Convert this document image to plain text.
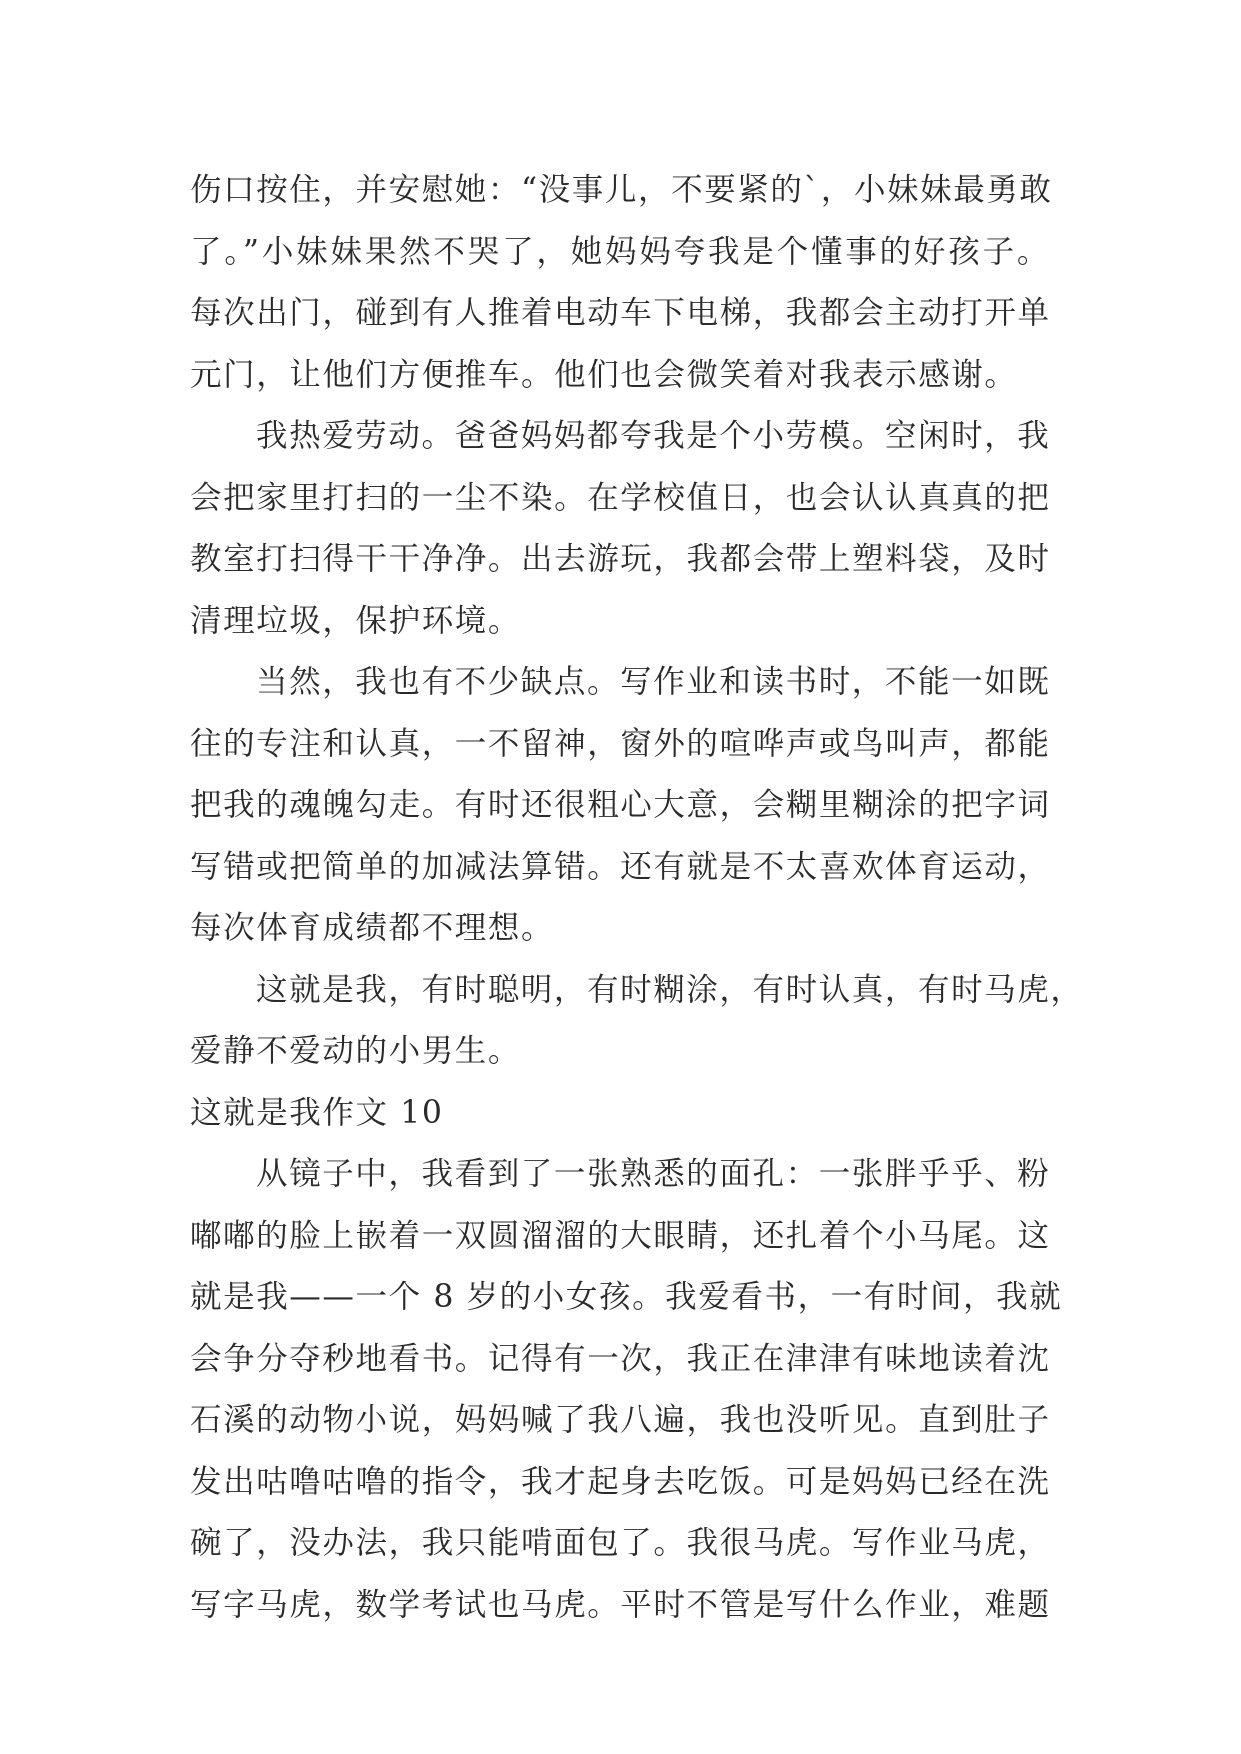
伤口按住，并安慰她：“没事儿，不要紧的`，小妹妹最勇敢
了。”小妹妹果然不哭了，她妈妈夸我是个懂事的好孩子。
每次出门，碰到有人推着电动车下电梯，我都会主动打开单
元门，让他们方便推车。他们也会微笑着对我表示感谢。
我热爱劳动。爸爸妈妈都夸我是个小劳模。空闲时，我
会把家里打扫的一尘不染。在学校值日，也会认认真真的把
教室打扫得干干净净。出去游玩，我都会带上塑料袋，及时
清理垃圾，保护环境。
当然，我也有不少缺点。写作业和读书时，不能一如既
往的专注和认真，一不留神，窗外的喧哗声或鸟叫声，都能
把我的魂魄勾走。有时还很粗心大意，会糊里糊涂的把字词
写错或把简单的加减法算错。还有就是不太喜欢体育运动，
每次体育成绩都不理想。
这就是我，有时聪明，有时糊涂，有时认真，有时马虎，
爱静不爱动的小男生。
这就是我作文 10
从镜子中，我看到了一张熟悉的面孔：一张胖乎乎、粉
嘟嘟的脸上嵌着一双圆溜溜的大眼睛，还扎着个小马尾。这
就是我——一个 8 岁的小女孩。我爱看书，一有时间，我就
会争分夺秒地看书。记得有一次，我正在津津有味地读着沈
石溪的动物小说，妈妈喊了我八遍，我也没听见。直到肚子
发出咕噜咕噜的指令，我才起身去吃饭。可是妈妈已经在洗
碗了，没办法，我只能啃面包了。我很马虎。写作业马虎，
写字马虎，数学考试也马虎。平时不管是写什么作业，难题
